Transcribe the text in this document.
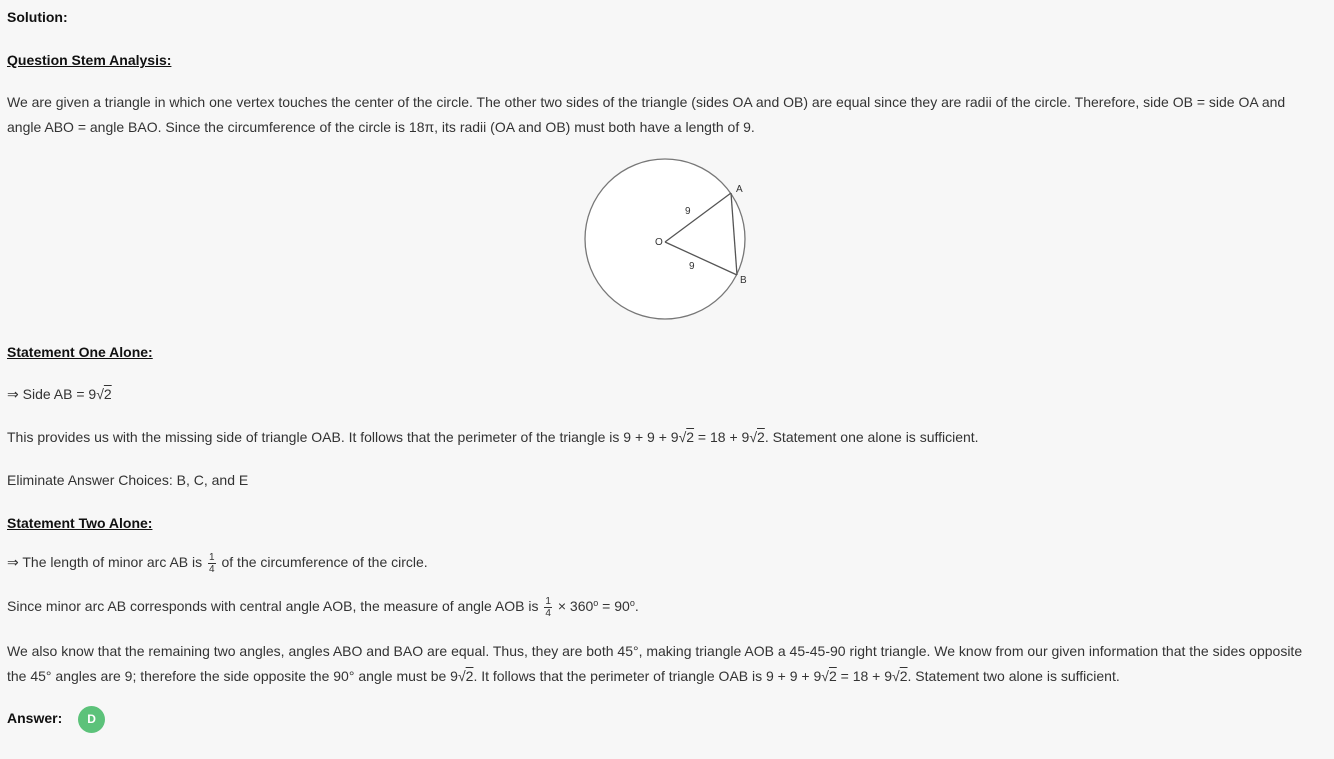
Solution:
Question Stem Analysis:
We are given a triangle in which one vertex touches the center of the circle. The other two sides of the triangle (sides OA and OB) are equal since they are radii of the circle. Therefore, side OB = side OA and angle ABO = angle BAO. Since the circumference of the circle is 18π, its radii (OA and OB) must both have a length of 9.
A
B
O
9
9
Statement One Alone:
⇒ Side AB = 9√2
This provides us with the missing side of triangle OAB. It follows that the perimeter of the triangle is 9 + 9 + 9√2 = 18 + 9√2. Statement one alone is sufficient.
Eliminate Answer Choices: B, C, and E
Statement Two Alone:
⇒ The length of minor arc AB is $\frac{1}{4}$ of the circumference of the circle.
Since minor arc AB corresponds with central angle AOB, the measure of angle AOB is $\frac{1}{4} \times 360^o = 90^o$.
We also know that the remaining two angles, angles ABO and BAO are equal. Thus, they are both 45°, making triangle AOB a 45-45-90 right triangle. We know from our given information that the sides opposite the 45° angles are 9; therefore the side opposite the 90° angle must be 9√2. It follows that the perimeter of triangle OAB is 9 + 9 + 9√2 = 18 + 9√2. Statement two alone is sufficient.
Answer: D
